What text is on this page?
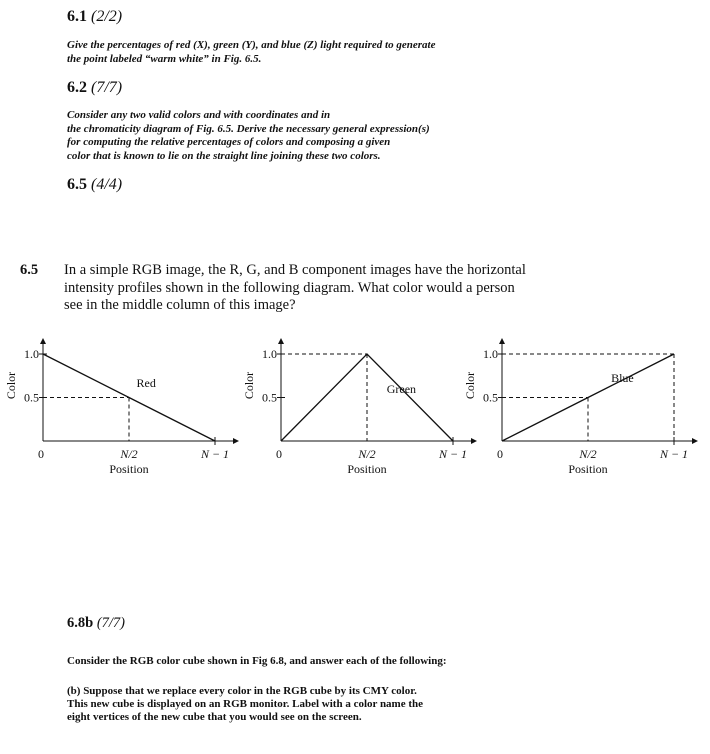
6.1 (2/2)
Give the percentages of red (X), green (Y), and blue (Z) light required to generate
the point labeled “warm white” in Fig. 6.5.
6.2 (7/7)
Consider any two valid colors and with coordinates and in
the chromaticity diagram of Fig. 6.5. Derive the necessary general expression(s)
for computing the relative percentages of colors and composing a given
color that is known to lie on the straight line joining these two colors.
6.5 (4/4)
6.5 In a simple RGB image, the R, G, and B component images have the horizontal
intensity profiles shown in the following diagram. What color would a person
see in the middle column of this image?
0.5
1.0
0	N/2	N − 1
Position
Color	Red
0.5
1.0
0	N/2	N − 1
Position
Color	Green
0.5
1.0
0	N/2	N − 1
Position
Color	Blue
6.8b (7/7)
Consider the RGB color cube shown in Fig 6.8, and answer each of the following:
(b) Suppose that we replace every color in the RGB cube by its CMY color.
This new cube is displayed on an RGB monitor. Label with a color name the
eight vertices of the new cube that you would see on the screen.
